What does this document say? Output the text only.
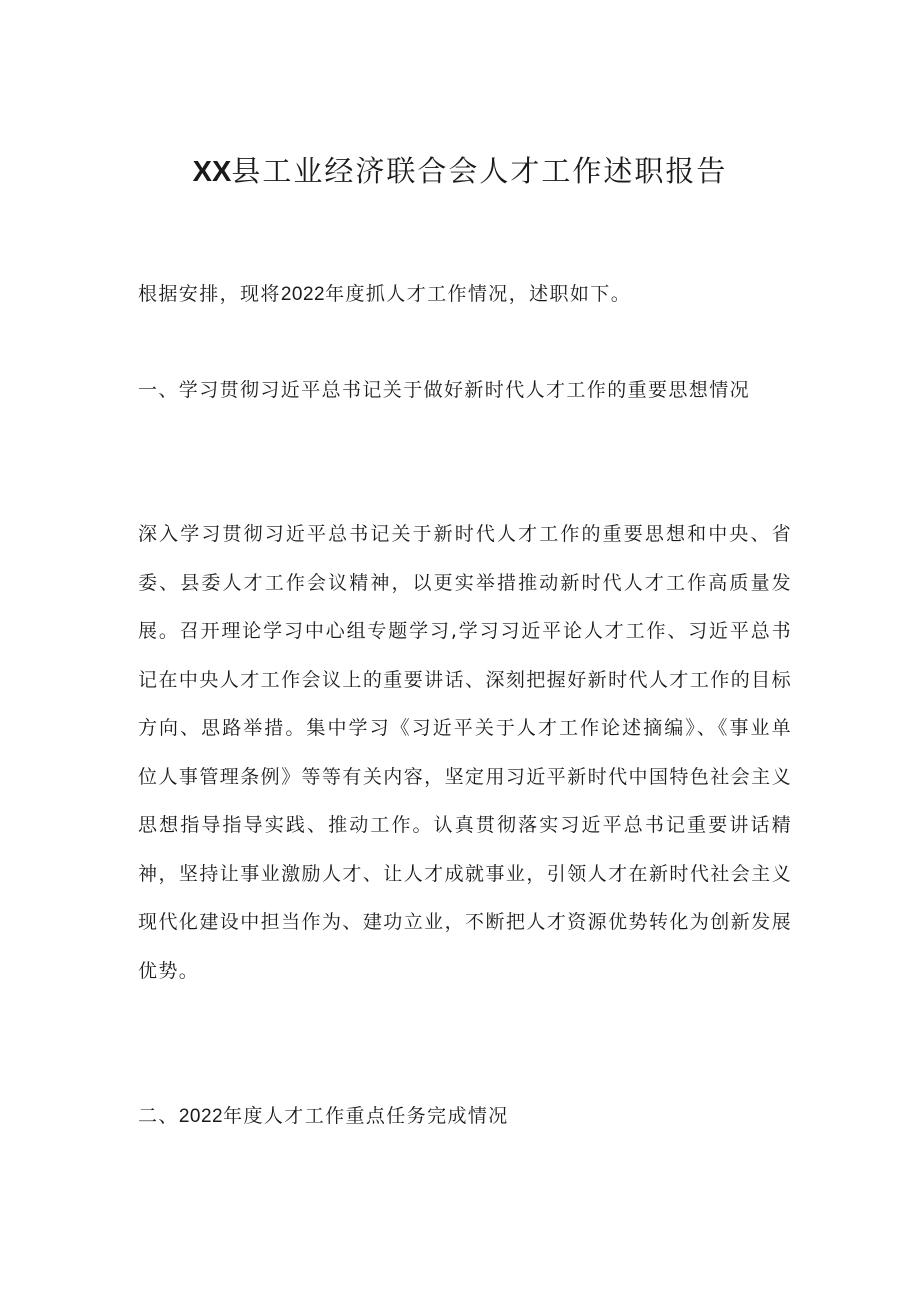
XX县工业经济联合会人才工作述职报告

根据安排，现将2022年度抓人才工作情况，述职如下。

一、学习贯彻习近平总书记关于做好新时代人才工作的重要思想情况

深入学习贯彻习近平总书记关于新时代人才工作的重要思想和中央、省委、县委人才工作会议精神，以更实举措推动新时代人才工作高质量发展。召开理论学习中心组专题学习,学习习近平论人才工作、习近平总书记在中央人才工作会议上的重要讲话、深刻把握好新时代人才工作的目标方向、思路举措。集中学习《习近平关于人才工作论述摘编》、《事业单位人事管理条例》等等有关内容，坚定用习近平新时代中国特色社会主义思想指导指导实践、推动工作。认真贯彻落实习近平总书记重要讲话精神，坚持让事业激励人才、让人才成就事业，引领人才在新时代社会主义现代化建设中担当作为、建功立业，不断把人才资源优势转化为创新发展优势。

二、2022年度人才工作重点任务完成情况
